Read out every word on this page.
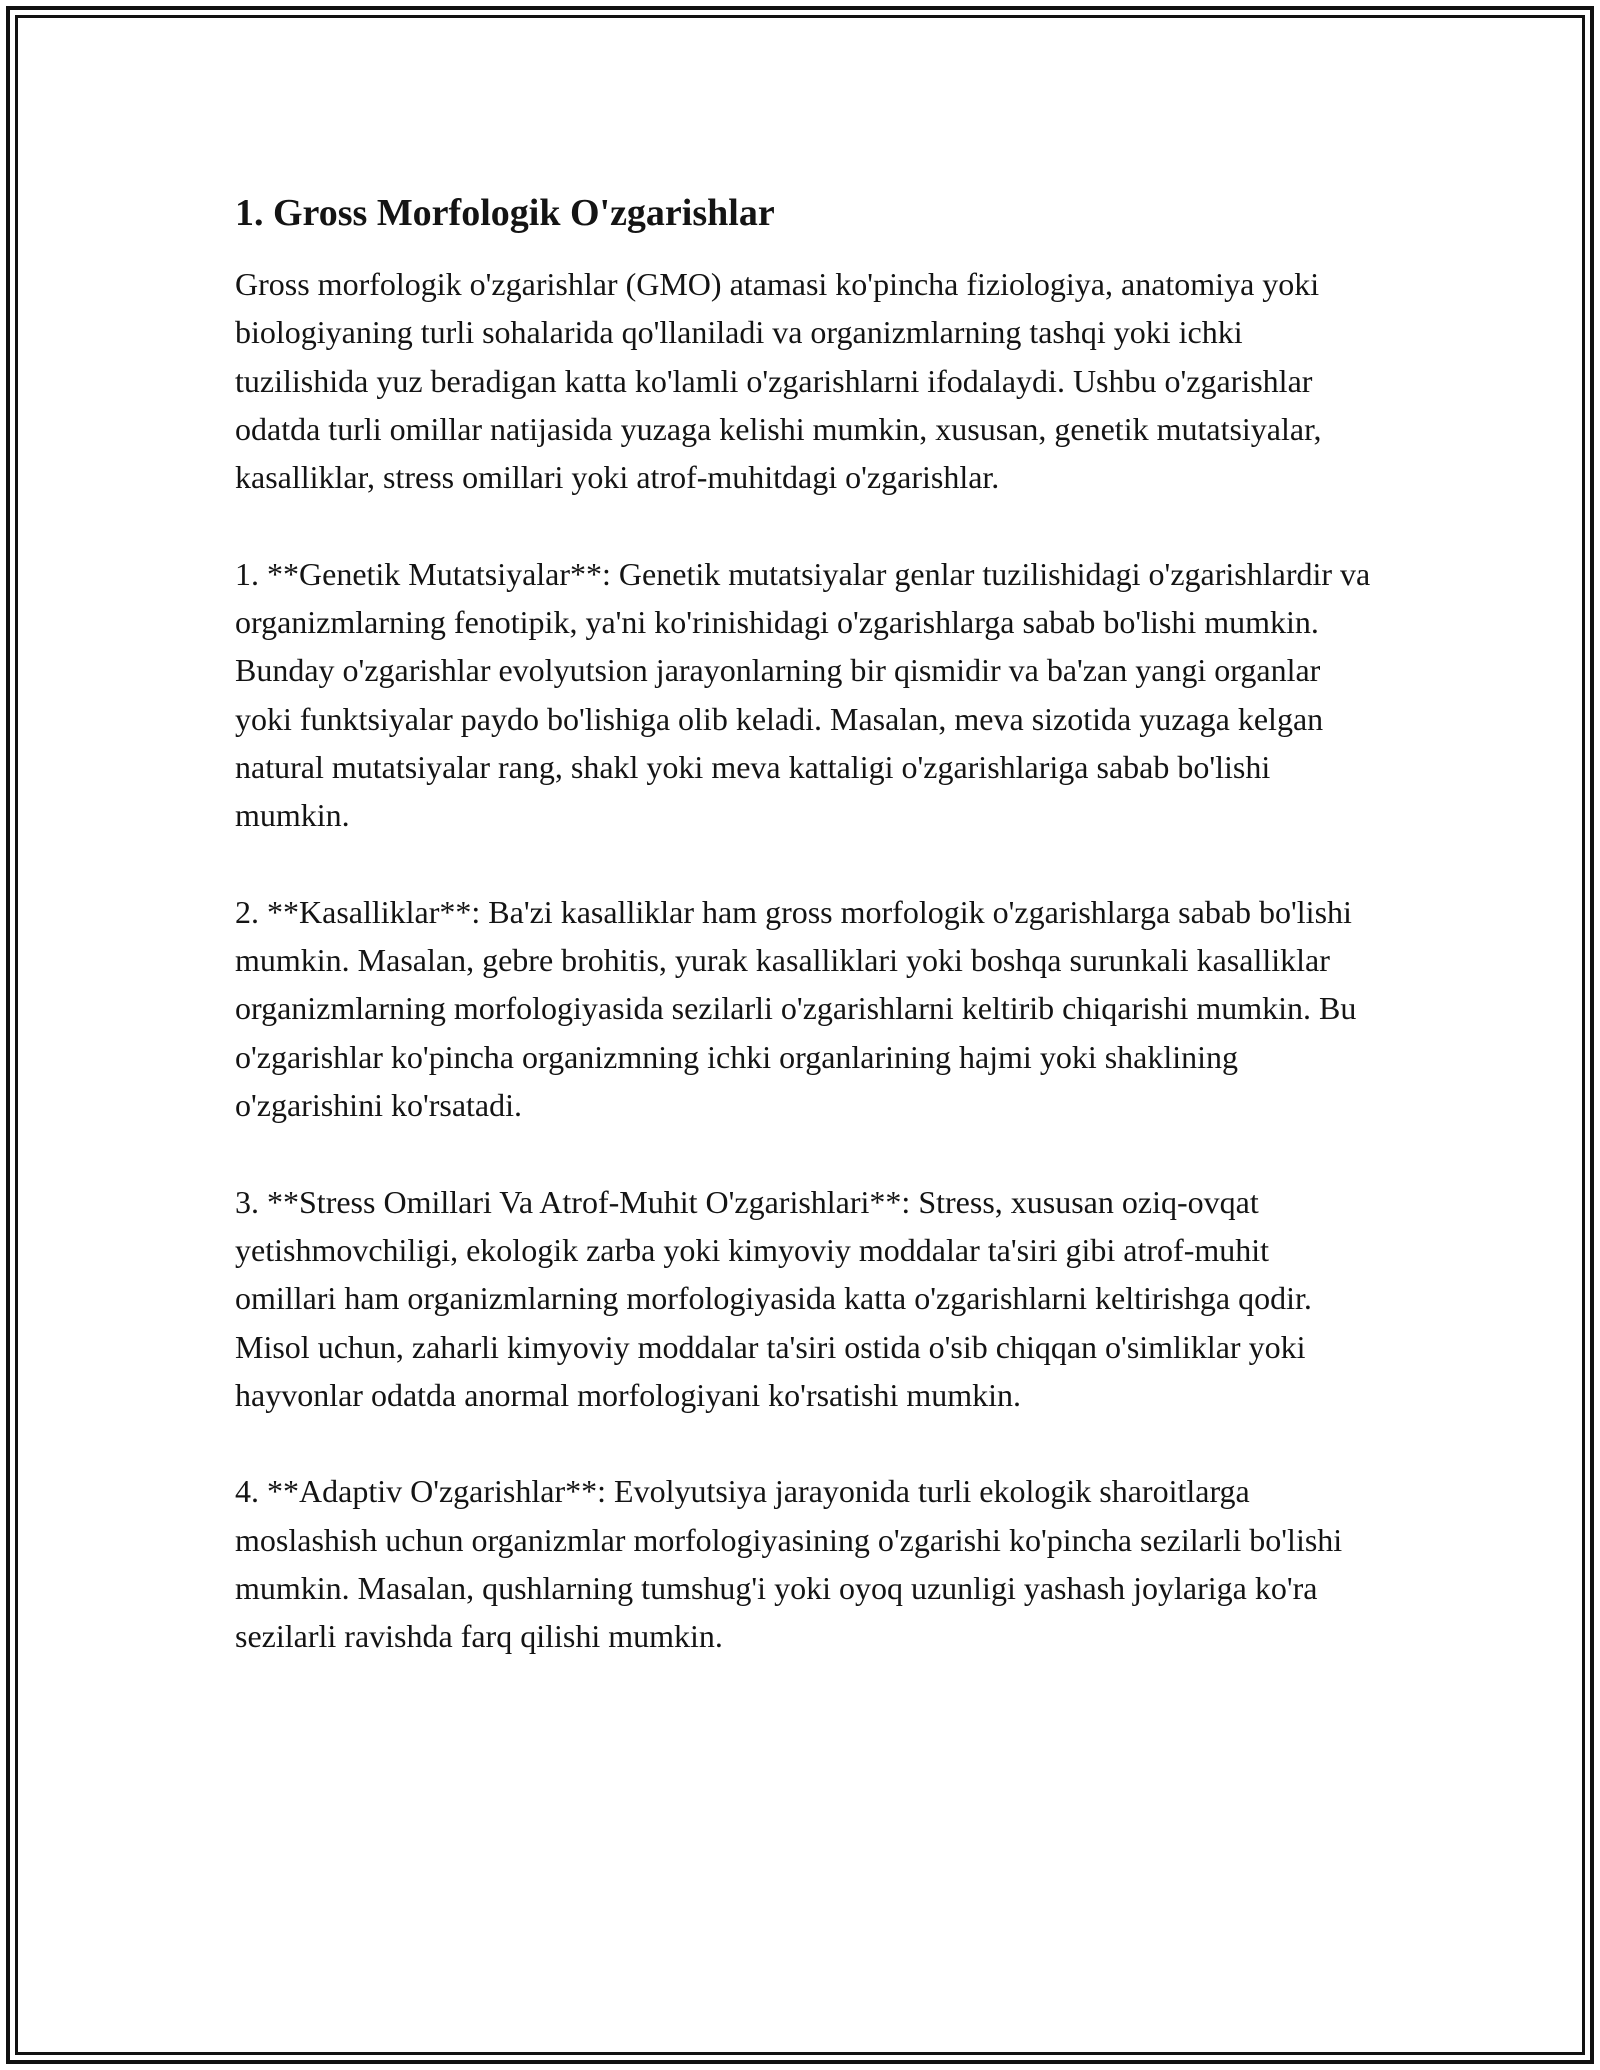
1. Gross Morfologik O'zgarishlar

Gross morfologik o'zgarishlar (GMO) atamasi ko'pincha fiziologiya, anatomiya yoki biologiyaning turli sohalarida qo'llaniladi va organizmlarning tashqi yoki ichki tuzilishida yuz beradigan katta ko'lamli o'zgarishlarni ifodalaydi. Ushbu o'zgarishlar odatda turli omillar natijasida yuzaga kelishi mumkin, xususan, genetik mutatsiyalar, kasalliklar, stress omillari yoki atrof-muhitdagi o'zgarishlar.

1. **Genetik Mutatsiyalar**: Genetik mutatsiyalar genlar tuzilishidagi o'zgarishlardir va organizmlarning fenotipik, ya'ni ko'rinishidagi o'zgarishlarga sabab bo'lishi mumkin. Bunday o'zgarishlar evolyutsion jarayonlarning bir qismidir va ba'zan yangi organlar yoki funktsiyalar paydo bo'lishiga olib keladi. Masalan, meva sizotida yuzaga kelgan natural mutatsiyalar rang, shakl yoki meva kattaligi o'zgarishlariga sabab bo'lishi mumkin.

2. **Kasalliklar**: Ba'zi kasalliklar ham gross morfologik o'zgarishlarga sabab bo'lishi mumkin. Masalan, gebre brohitis, yurak kasalliklari yoki boshqa surunkali kasalliklar organizmlarning morfologiyasida sezilarli o'zgarishlarni keltirib chiqarishi mumkin. Bu o'zgarishlar ko'pincha organizmning ichki organlarining hajmi yoki shaklining o'zgarishini ko'rsatadi.

3. **Stress Omillari Va Atrof-Muhit O'zgarishlari**: Stress, xususan oziq-ovqat yetishmovchiligi, ekologik zarba yoki kimyoviy moddalar ta'siri gibi atrof-muhit omillari ham organizmlarning morfologiyasida katta o'zgarishlarni keltirishga qodir. Misol uchun, zaharli kimyoviy moddalar ta'siri ostida o'sib chiqqan o'simliklar yoki hayvonlar odatda anormal morfologiyani ko'rsatishi mumkin.

4. **Adaptiv O'zgarishlar**: Evolyutsiya jarayonida turli ekologik sharoitlarga moslashish uchun organizmlar morfologiyasining o'zgarishi ko'pincha sezilarli bo'lishi mumkin. Masalan, qushlarning tumshug'i yoki oyoq uzunligi yashash joylariga ko'ra sezilarli ravishda farq qilishi mumkin.
